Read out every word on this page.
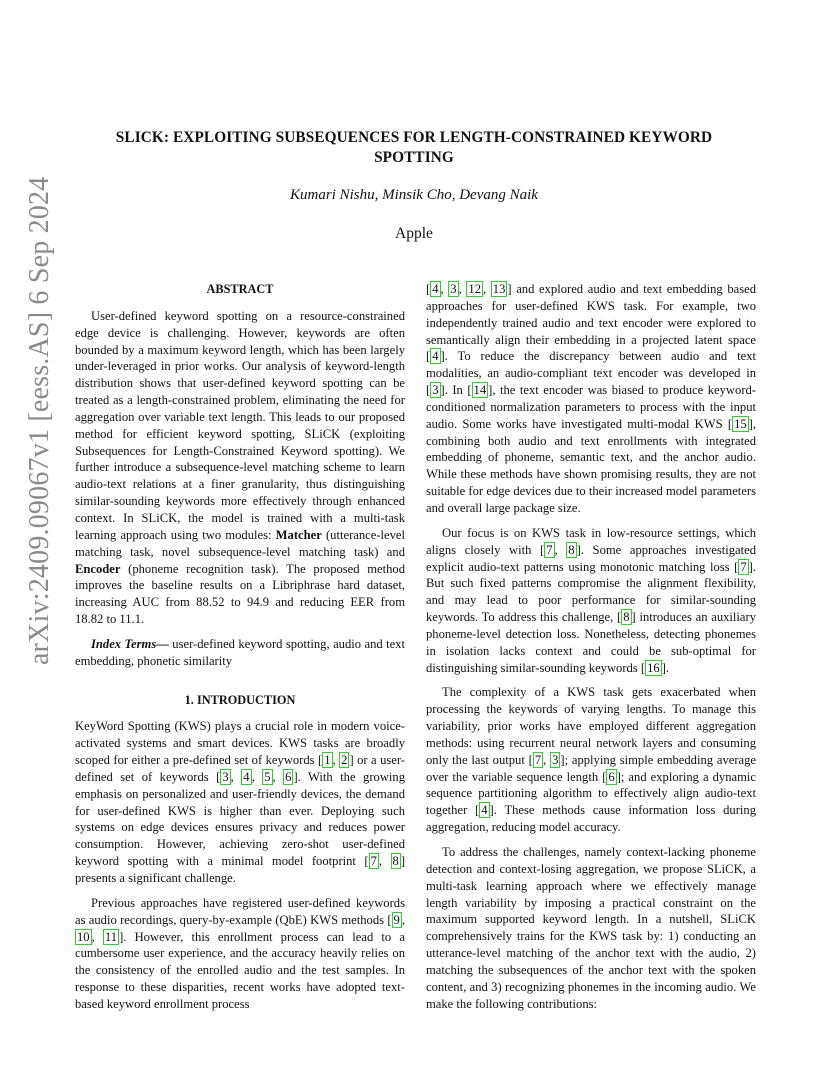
arXiv:2409.09067v1 [eess.AS] 6 Sep 2024
SLICK: EXPLOITING SUBSEQUENCES FOR LENGTH-CONSTRAINED KEYWORD
SPOTTING
Kumari Nishu, Minsik Cho, Devang Naik
Apple
ABSTRACT

User-defined keyword spotting on a resource-constrained edge device is challenging. However, keywords are often bounded by a maximum keyword length, which has been largely under-leveraged in prior works. Our analysis of keyword-length distribution shows that user-defined keyword spotting can be treated as a length-constrained problem, eliminating the need for aggregation over variable text length. This leads to our proposed method for efficient keyword spotting, SLiCK (exploiting Subsequences for Length-Constrained Keyword spotting). We further introduce a subsequence-level matching scheme to learn audio-text relations at a finer granularity, thus distinguishing similar-sounding keywords more effectively through enhanced context. In SLiCK, the model is trained with a multi-task learning approach using two modules: Matcher (utterance-level matching task, novel subsequence-level matching task) and Encoder (phoneme recognition task). The proposed method improves the baseline results on a Libriphrase hard dataset, increasing AUC from 88.52 to 94.9 and reducing EER from 18.82 to 11.1.

Index Terms— user-defined keyword spotting, audio and text embedding, phonetic similarity

1. INTRODUCTION

KeyWord Spotting (KWS) plays a crucial role in modern voice-activated systems and smart devices. KWS tasks are broadly scoped for either a pre-defined set of keywords [ 1 , 2 ] or a user-defined set of keywords [ 3 , 4 , 5 , 6 ]. With the growing emphasis on personalized and user-friendly devices, the demand for user-defined KWS is higher than ever. Deploying such systems on edge devices ensures privacy and reduces power consumption. However, achieving zero-shot user-defined keyword spotting with a minimal model footprint [ 7 , 8 ] presents a significant challenge.

Previous approaches have registered user-defined keywords as audio recordings, query-by-example (QbE) KWS methods [ 9 , 10 , 11 ]. However, this enrollment process can lead to a cumbersome user experience, and the accuracy heavily relies on the consistency of the enrolled audio and the test samples. In response to these disparities, recent works have adopted text-based keyword enrollment process

[ 4 , 3 , 12 , 13 ] and explored audio and text embedding based approaches for user-defined KWS task. For example, two independently trained audio and text encoder were explored to semantically align their embedding in a projected latent space [ 4 ]. To reduce the discrepancy between audio and text modalities, an audio-compliant text encoder was developed in [ 3 ]. In [ 14 ], the text encoder was biased to produce keyword-conditioned normalization parameters to process with the input audio. Some works have investigated multi-modal KWS [ 15 ], combining both audio and text enrollments with integrated embedding of phoneme, semantic text, and the anchor audio. While these methods have shown promising results, they are not suitable for edge devices due to their increased model parameters and overall large package size.

Our focus is on KWS task in low-resource settings, which aligns closely with [ 7 , 8 ]. Some approaches investigated explicit audio-text patterns using monotonic matching loss [ 7 ]. But such fixed patterns compromise the alignment flexibility, and may lead to poor performance for similar-sounding keywords. To address this challenge, [ 8 ] introduces an auxiliary phoneme-level detection loss. Nonetheless, detecting phonemes in isolation lacks context and could be sub-optimal for distinguishing similar-sounding keywords [ 16 ].

The complexity of a KWS task gets exacerbated when processing the keywords of varying lengths. To manage this variability, prior works have employed different aggregation methods: using recurrent neural network layers and consuming only the last output [ 7 , 3 ]; applying simple embedding average over the variable sequence length [ 6 ]; and exploring a dynamic sequence partitioning algorithm to effectively align audio-text together [ 4 ]. These methods cause information loss during aggregation, reducing model accuracy.

To address the challenges, namely context-lacking phoneme detection and context-losing aggregation, we propose SLiCK, a multi-task learning approach where we effectively manage length variability by imposing a practical constraint on the maximum supported keyword length. In a nutshell, SLiCK comprehensively trains for the KWS task by: 1) conducting an utterance-level matching of the anchor text with the audio, 2) matching the subsequences of the anchor text with the spoken content, and 3) recognizing phonemes in the incoming audio. We make the following contributions:
